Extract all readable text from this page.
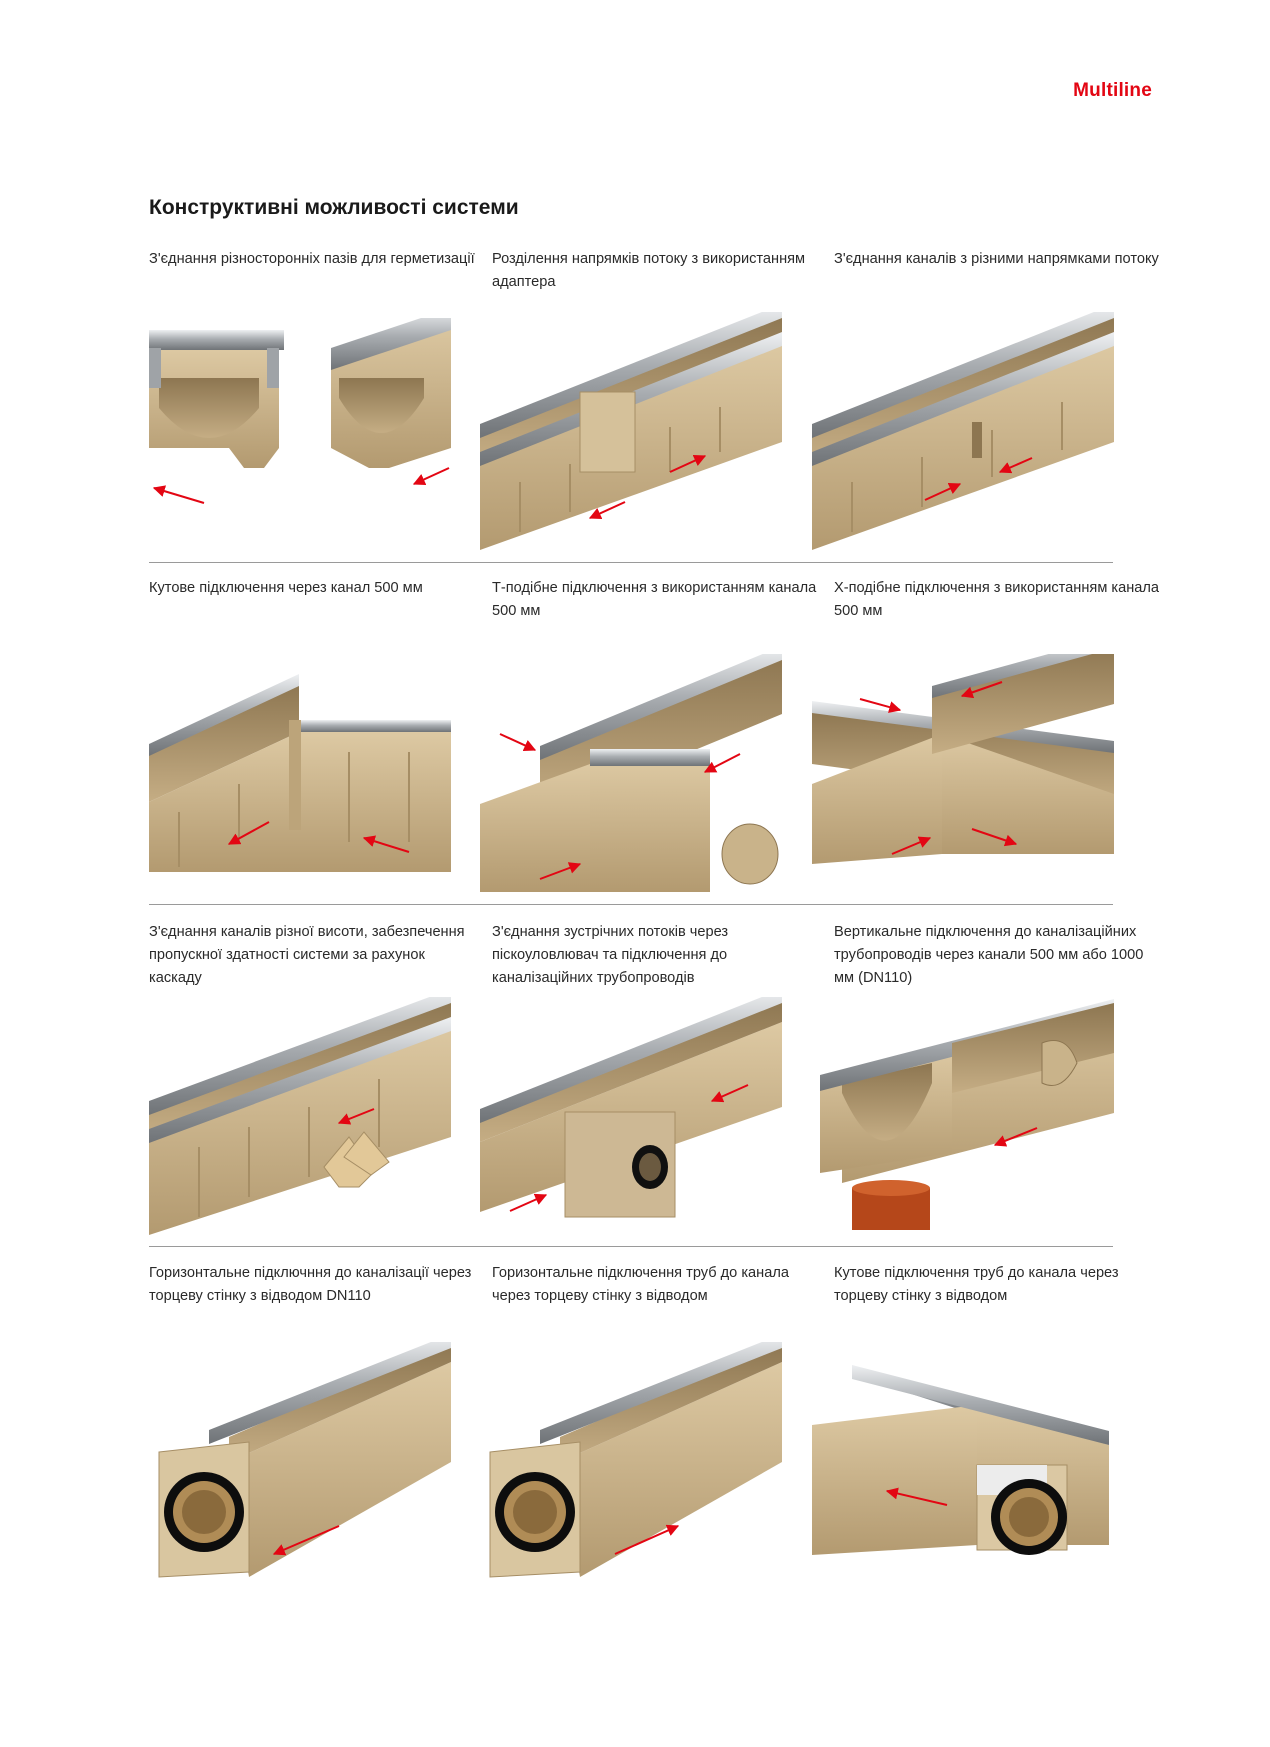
Multiline
Конструктивні можливості системи
З'єднання різносторонніх пазів для герметизації Розділення напрямків потоку з використанням адаптера
З'єднання каналів з різними напрямками потоку
Кутове підключення через канал 500 мм	Т-подібне підключення з використанням канала 500 мм
Х-подібне підключення з використанням канала 500 мм
З'єднання каналів різної висоти, забезпечення пропускної здатності системи за рахунок каскаду
З'єднання зустрічних потоків через піскоуловлювач та підключення до каналізаційних трубопроводів
Вертикальне підключення до каналізаційних трубопроводів через канали 500 мм або 1000 мм (DN110)
Горизонтальне підключння до каналізації через торцеву стінку з відводом DN110
Горизонтальне підключення труб до канала через торцеву стінку з відводом
Кутове підключення труб до канала через торцеву стінку з відводом
